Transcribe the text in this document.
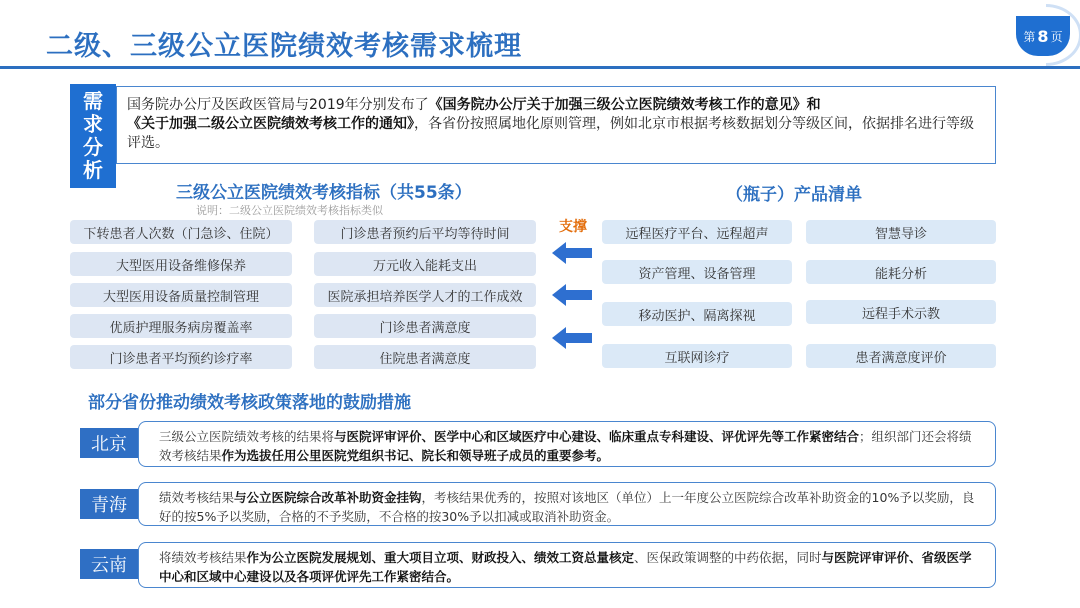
二级、三级公立医院绩效考核需求梳理	第 8 页
需
求
分
析
国务院办公厅及医政医管局与2019年分别发布了《国务院办公厅关于加强三级公立医院绩效考核工作的意见》和
《关于加强二级公立医院绩效考核工作的通知》，各省份按照属地化原则管理，例如北京市根据考核数据划分等级区间，依据排名进行等级评选。
三级公立医院绩效考核指标（共55条）
说明：二级公立医院绩效考核指标类似
下转患者人次数（门急诊、住院）
大型医用设备维修保养
大型医用设备质量控制管理
优质护理服务病房覆盖率
门诊患者平均预约诊疗率
门诊患者预约后平均等待时间
万元收入能耗支出
医院承担培养医学人才的工作成效
门诊患者满意度
住院患者满意度
支撑
（瓶子）产品清单
远程医疗平台、远程超声
资产管理、设备管理
移动医护、隔离探视
互联网诊疗
智慧导诊
能耗分析
远程手术示教
患者满意度评价
部分省份推动绩效考核政策落地的鼓励措施
北京	三级公立医院绩效考核的结果将与医院评审评价、医学中心和区域医疗中心建设、临床重点专科建设、评优评先等工作紧密结合；组织部门还会将绩效考核结果作为选拔任用公里医院党组织书记、院长和领导班子成员的重要参考。
青海	绩效考核结果与公立医院综合改革补助资金挂钩，考核结果优秀的，按照对该地区（单位）上一年度公立医院综合改革补助资金的10%予以奖励，良好的按5%予以奖励，合格的不予奖励，不合格的按30%予以扣减或取消补助资金。
云南	将绩效考核结果作为公立医院发展规划、重大项目立项、财政投入、绩效工资总量核定、医保政策调整的中药依据，同时与医院评审评价、省级医学中心和区域中心建设以及各项评优评先工作紧密结合。
